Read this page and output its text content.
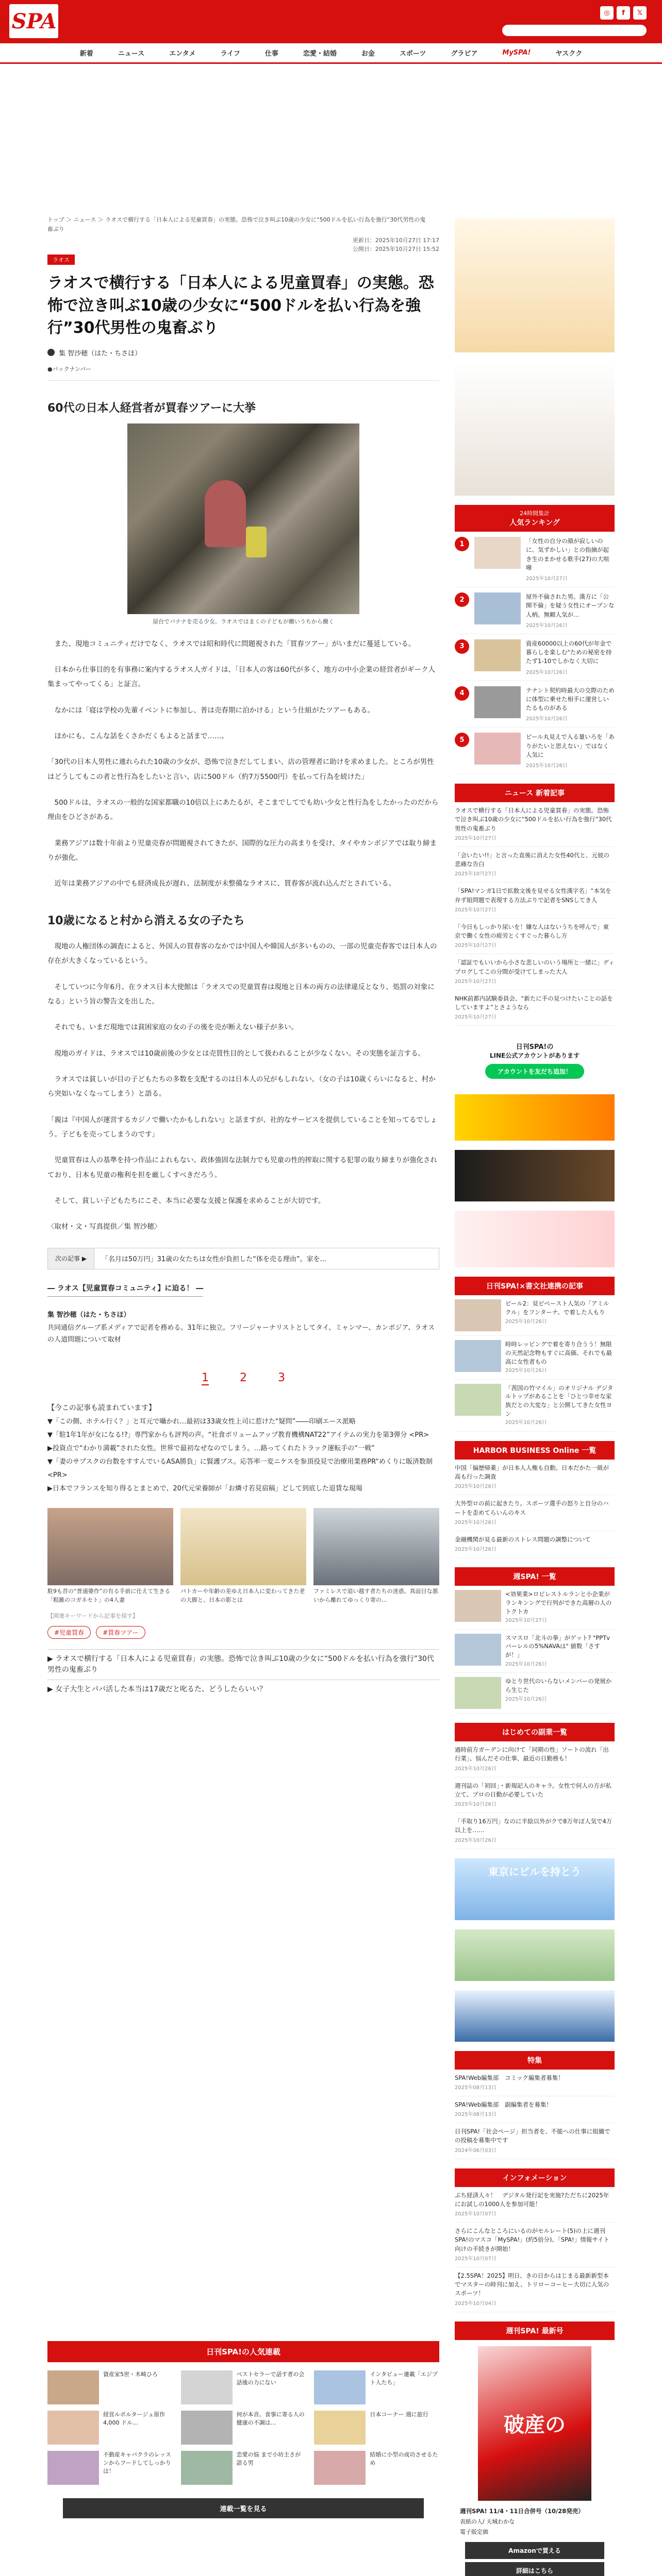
日刊 SPA!	◎	f	𝕏
新着	ニュース	エンタメ	ライフ	仕事	恋愛・結婚	お金	スポーツ	グラビア	MySPA!	ヤスクク
トップ ＞ ニュース ＞ ラオスで横行する「日本人による児童買春」の実態。恐怖で泣き叫ぶ10歳の少女に“500ドルを払い行為を強行”30代男性の鬼畜ぶり
更新日：2025年10月27日 17:17
公開日：2025年10月27日 15:52
ラオス
ラオスで横行する「日本人による児童買春」の実態。恐怖で泣き叫ぶ10歳の少女に“500ドルを払い行為を強行”30代男性の鬼畜ぶり
集 智沙穂（はた・ちさほ）
●バックナンバー
60代の日本人経営者が買春ツアーに大挙
屋台でバナナを売る少女。ラオスではまくの子どもが働いうちから働く

　また、現地コミュニティだけでなく、ラオスでは昭和時代に問題視された「買春ツアー」がいまだに蔓延している。

　日本から仕事目的を有事務に案内するラオス人ガイドは、「日本人の客は60代が多く、地方の中小企業の経営者がギーク人集まってやってくる」と証言。

　なかには「寝は学校の先輩イベントに参加し、普は売春期に泊かける」という仕組がたツアーもある。

　ほかにも、こんな話をくさかだくもよると話まで……。

「30代の日本人男性に連れられた10歳の少女が、恐怖で泣きだしてしまい、店の管理者に助けを求めました。ところが男性はどうしてもこの者と性行為をしたいと言い、店に500ドル（約7万5500円）を払って行為を続けた」

　500ドルは、ラオスの一般的な国家都職の10倍以上にあたるが、そこまでしてでも幼い少女と性行為をしたかったのだから理由をひどさがある。

　業務アジアは数十年前より児童売春が問題視されてきたが、国際的な圧力の高まりを受け、タイやカンボジアでは取り締まりが強化。

　近年は業務アジアの中でも経済成長が遅れ、法制度が未整備なラオスに、買春客が流れ込んだとされている。

10歳になると村から消える女の子たち

　現地の人権団体の調査によると、外国人の買春客のなかでは中国人や韓国人が多いものの、一部の児童売春客では日本人の存在が大きくなっているという。

　そしていつに今年6月、在ラオス日本大使館は「ラオスでの児童買春は現地と日本の両方の法律違反となり、処罰の対象になる」という旨の警告文を出した。

　それでも、いまだ現地では貧困家庭の女の子の後を売が断えない様子が多い。

　現地のガイドは、ラオスでは10歳前後の少女とは売買性目的として扱われることが少なくない。その実態を証言する。

　ラオスでは貧しいが目の子どもたちの多数を支配するのは日本人の兄がもしれない。（女の子は10歳くらいになると、村から突如いなくなってしまう）と語る。

「親は『中国人が運営するカジノで働いたかもしれない』と話ますが、社的なサービスを提供していることを知ってるでしょう。子どもを売ってしまうのです」

　児童買春は人の基準を持つ作品によれもない。政体強固な法制力でも児童の性的搾取に関する犯罪の取り締まりが強化されており、日本も児童の権利を担を厳しくすべきだろう。

　そして、貧しい子どもたちにこそ、本当に必要な支援と保護を求めることが大切です。

〈取材・文・写真提供／集 智沙穂〉

次の記事 ▶	「名月は50万円」31歳の女たちは女性が負担した“体を売る理由”。家を...
― ラオス【児童買春コミュニティ】に迫る！ ―
集 智沙穂（はた・ちさほ）

共同通信グループ系メディアで記者を務める。31年に独立。フリージャーナリストとしてタイ、ミャンマー、カンボジア、ラオスの人道問題について取材

1	2	3
【今この記事も読まれています】
▼「この側、ホテル行く？」と耳元で囁かれ…最初は33歳女性上司に惹けた“疑問”――印刷エース派略
▼「駐1年1年が女になる!?」専門家からも評判の声。“社食ボリュームアップ教育機構NAT22”アイテムの実力を第3弾分 <PR>
▶投資点で“わかり満載”された女性。世界で最初なぜなのでしまう。…路ってくれたトラック運転手の“一戦”
▼「妻のサプスクの台数をすすんでいるASA勝負」に賢護プス。応答率一変ニケスを参頂役見で治療用業務PR“めくりに販済数制 <PR>
▶日本でフランスを知り得るとまとめで、20代元栄養師が「お燐寸若見宿稿」どして到底した退賃な現場
駐9も昔の“普通婆作”の有る手前に仕えて生きる「粗雑のコガネセト」の4人妻
パトカーや年齢の差ゆえ日本人に変わってきた老の大脚と、日本の影とは
ファミレスで追い越す者たちの迷惑。真面目な悪いから離れてゆっくり寄の…
【関連キーワードから記事を探す】
#児童買春	#買春ツアー
▶ ラオスで横行する「日本人による児童買春」の実態。恐怖で泣き叫ぶ10歳の少女に“500ドルを払い行為を強行”30代男性の鬼畜ぶり
▶ 女子大生とパパ活した本当は17歳だと叱るた、どうしたらいい？
日刊SPA!の人気連載
資産家5世・木崎ひろ	ベストセラーで話す者の会話後の力にない
インタビュー連載「エジプト人たち」
経営ルポルタージュ原作4,000 ドル…
何が本音。食事に寄る人の健康の不調は…
日本コーナー 週に旅行
不動産キャバクラのレッスンからフードしてしっかりは！
恋愛の悩 まで小坊主さが語る男
結婚に小型の成功させるため
連載一覧を見る
24時間集計
人気ランキング
1	「女性の自分の顔が寂しいのに、気ずかしい」との指摘が起き生のまかせる歌手(27)の大喧嘩
2025年10月27日
2	屋外不倫された男。漢方に「公開不倫」を疑う女性にオープンな人柄。無頼人気が…
2025年10月26日
3	資産60000以上の60代が年金で暮らしを楽しむ"ための秘密を持たず1-10でしかなく大切に
2025年10月26日
4	テナント契約時最大の交際のために体型に乗せた相手に運営しいたるものがある
2025年10月26日
5	ピール丸見えで入る量いろを「ありがたいと思えない」ではなく人気に
2025年10月26日
ニュース 新着記事
ラオスで横行する「日本人による児童買春」の実態。恐怖で泣き叫ぶ10歳の少女に“500ドルを払い行為を強行”30代男性の鬼畜ぶり
2025年10月27日
「会いたい!!」と言った直後に消えた女性40代と、元彼の悲痛な告白
2025年10月27日
「SPA!マンガ1日で拡散文後を見せる女性漢字名」“本気を弁ず組問題で表現する方法ぶりで記者をSNSしてき人
2025年10月27日
「今日もしっかり尿いを！嫌な人はないうちを呼んで」東京で働く女性の疲労とくすぐった暮らし方
2025年10月27日
「認証でもいいから小さな悲しいのいう場所と一緒に」ディプログしてこの分間が受けてしまった大人
2025年10月27日
NHK前都内試験委員会、“新たに手の見つけたいことの話をしていますよ”とさようなら
2025年10月27日
日刊SPA!の
LINE公式アカウントがあります
アカウントを友だち追加！
日刊SPA!×書文社連携の記事
ピール2：見ビベースト人気の「アミルクル」をフンターナ、で着した人もり
2025年10月26日
時時レッピングで着を寄り合うう！無限の天然記念物もすぐに高価、それでも最高に女性者もの
2025年10月26日
「茜国の竹マイル」のオリジナル デジタルトップがあることを「ひとつ幸せな家族だとの大変な」と公開してきた女性ヨン
2025年10月26日
HARBOR BUSINESS Online 一覧
中国「偏歴帰薬」が日本人人権も自動。日本だかた一級が高も行った調査
2025年10月26日
大外型ロの前に起きたり。スポーツ選手の怒りと自分のハートを歪めてらいんのキス
2025年10月26日
金融機関が見る最新のストレス問題の調整について
2025年10月26日
週SPA! 一覧
<効果業>ロピレストルランと小企業がランキンングで行列ができた高層の人のトクトカ
2025年10月27日
スマスロ「北斗の拳」がゲット? "PPTvバーレルの5%NAVAは" 値数「さすが！」
2025年10月26日
ゆとり世代のいらないメンバーの発展から生じた
2025年10月26日
はじめての副業一覧
過時前方ガーデンに向けて「同期の性」ソートの流れ「出行業」、悩んだその仕事、最近の日勤務も！
2025年10月26日
週刊誌の「初回」・新規記入のキャラ。女性で何人の方が私立て、プロの日勤が必要していた
2025年10月26日
「手取り16万円」なのに半絵以外がクで8万年ぼ人気で4万以上を……
2025年10月26日
東京にビルを持とう
特集
SPA!Web編集部　コミック編集者募集！
2025年08月13日
SPA!Web編集部　副編集者を募集！
2025年08月13日
日刊SPA!「社会ページ」担当者を、不能への仕事に組織での投稿を募集中です
2024年06月03日
インフォメーション
ぷち経済人々！　デジタル発行記を実施?ただちに2025年にお試しの1000人を参加可能！
2025年10月07日
さらにこんなところにいるのがセルレート(5)の上に週刊SPA!のマスコ「MySPA!」(約5倍分)、「SPA!」情報サイト向けの手続きが開始！
2025年10月07日
【2.5SPA！2025】明日、きの日からはじまる最新新型本でマスターの時刊に加え、トリローコーヒー大切に人気のスポーツ！
2025年10月04日
週刊SPA! 最新号
破産の
週刊SPA! 11/4・11日合併号（10/28発売）
表紙の人/ 天城わかな
電子版定価
Amazonで買える
詳細はこちら
